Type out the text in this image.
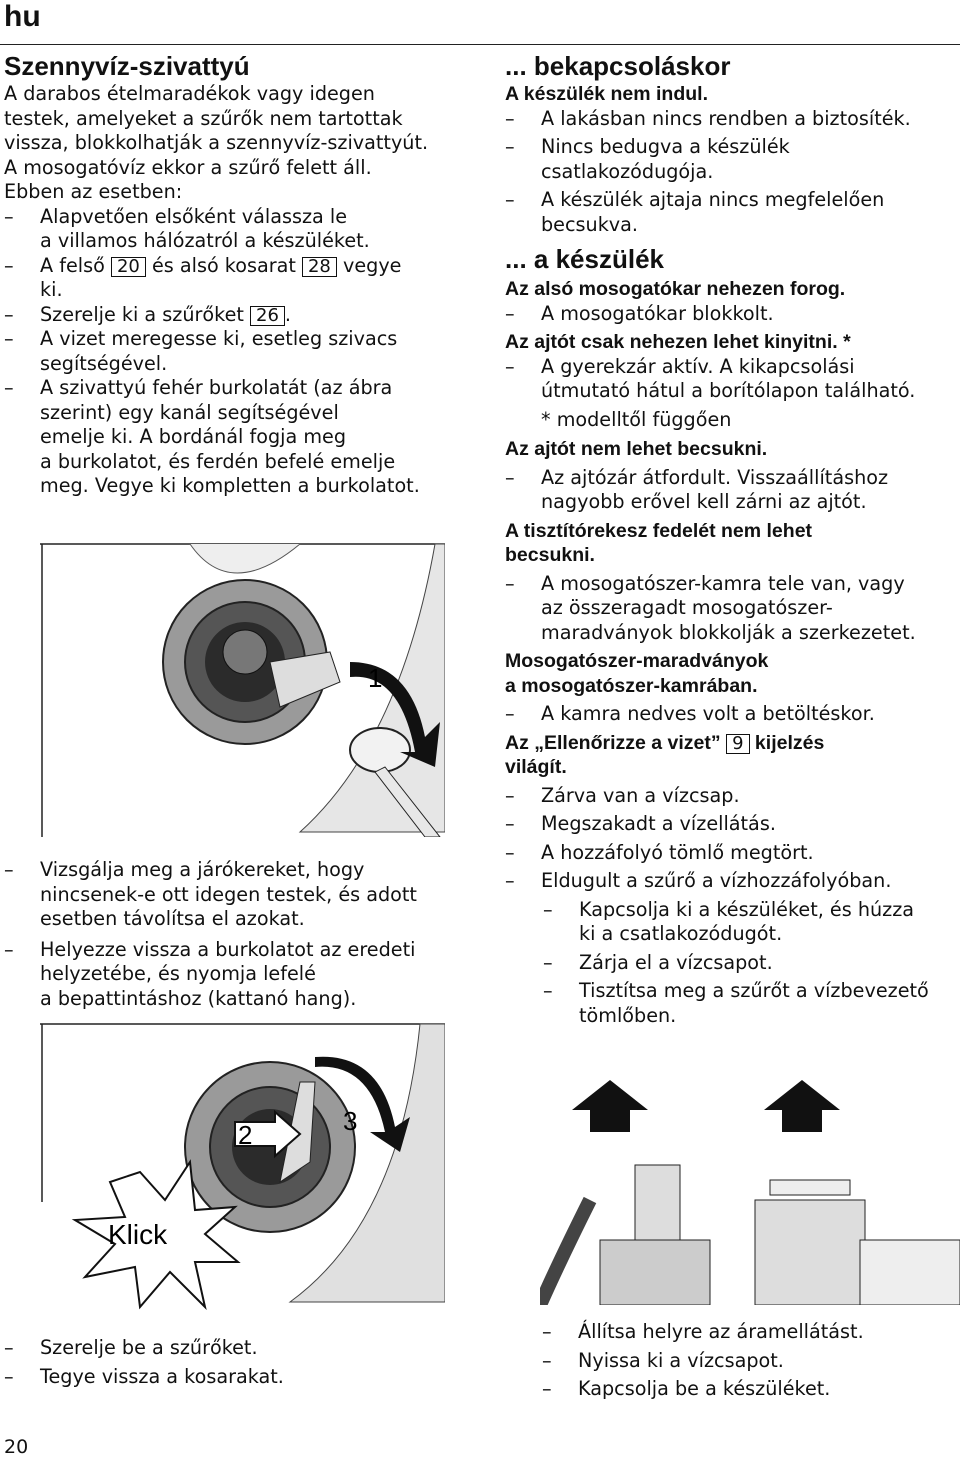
hu
Szennyvíz-szivattyú

A darabos ételmaradékok vagy idegen

testek, amelyeket a szűrők nem tartottak

vissza, blokkolhatják a szennyvíz-szivattyút.

A mosogatóvíz ekkor a szűrő felett áll.

Ebben az esetben:

– Alapvetően elsőként válassza le
a villamos hálózatról a készüléket.
– A felső 20 és alsó kosarat 28 vegye
ki.
– Szerelje ki a szűrőket 26 .
– A vizet meregesse ki, esetleg szivacs
segítségével.
– A szivattyú fehér burkolatát (az ábra
szerint) egy kanál segítségével
emelje ki. A bordánál fogja meg
a burkolatot, és ferdén befelé emelje
meg. Vegye ki kompletten a burkolatot.
1
– Vizsgálja meg a járókereket, hogy
nincsenek-e ott idegen testek, és adott
esetben távolítsa el azokat.
– Helyezze vissza a burkolatot az eredeti
helyzetébe, és nyomja lefelé
a bepattintáshoz (kattanó hang).
2	3
Klick
– Szerelje be a szűrőket.
– Tegye vissza a kosarakat.
... bekapcsoláskor

A készülék nem indul.

– A lakásban nincs rendben a biztosíték.
– Nincs bedugva a készülék
csatlakozódugója.
– A készülék ajtaja nincs megfelelően
becsukva.
... a készülék

Az alsó mosogatókar nehezen forog.

– A mosogatókar blokkolt.

Az ajtót csak nehezen lehet kinyitni. *

– A gyerekzár aktív. A kikapcsolási
útmutató hátul a borítólapon található.
* modelltől függően

Az ajtót nem lehet becsukni.

– Az ajtózár átfordult. Visszaállításhoz
nagyobb erővel kell zárni az ajtót.

A tisztítórekesz fedelét nem lehet

becsukni.

– A mosogatószer-kamra tele van, vagy
az összeragadt mosogatószer-
maradványok blokkolják a szerkezetet.

Mosogatószer-maradványok

a mosogatószer-kamrában.

– A kamra nedves volt a betöltéskor.

Az „Ellenőrizze a vizet” 9 kijelzés

világít.

– Zárva van a vízcsap.
– Megszakadt a vízellátás.
– A hozzáfolyó tömlő megtört.
– Eldugult a szűrő a vízhozzáfolyóban.
– Kapcsolja ki a készüléket, és húzza
ki a csatlakozódugót.
– Zárja el a vízcsapot.
– Tisztítsa meg a szűrőt a vízbevezető
tömlőben.
– Állítsa helyre az áramellátást.
– Nyissa ki a vízcsapot.
– Kapcsolja be a készüléket.
20
